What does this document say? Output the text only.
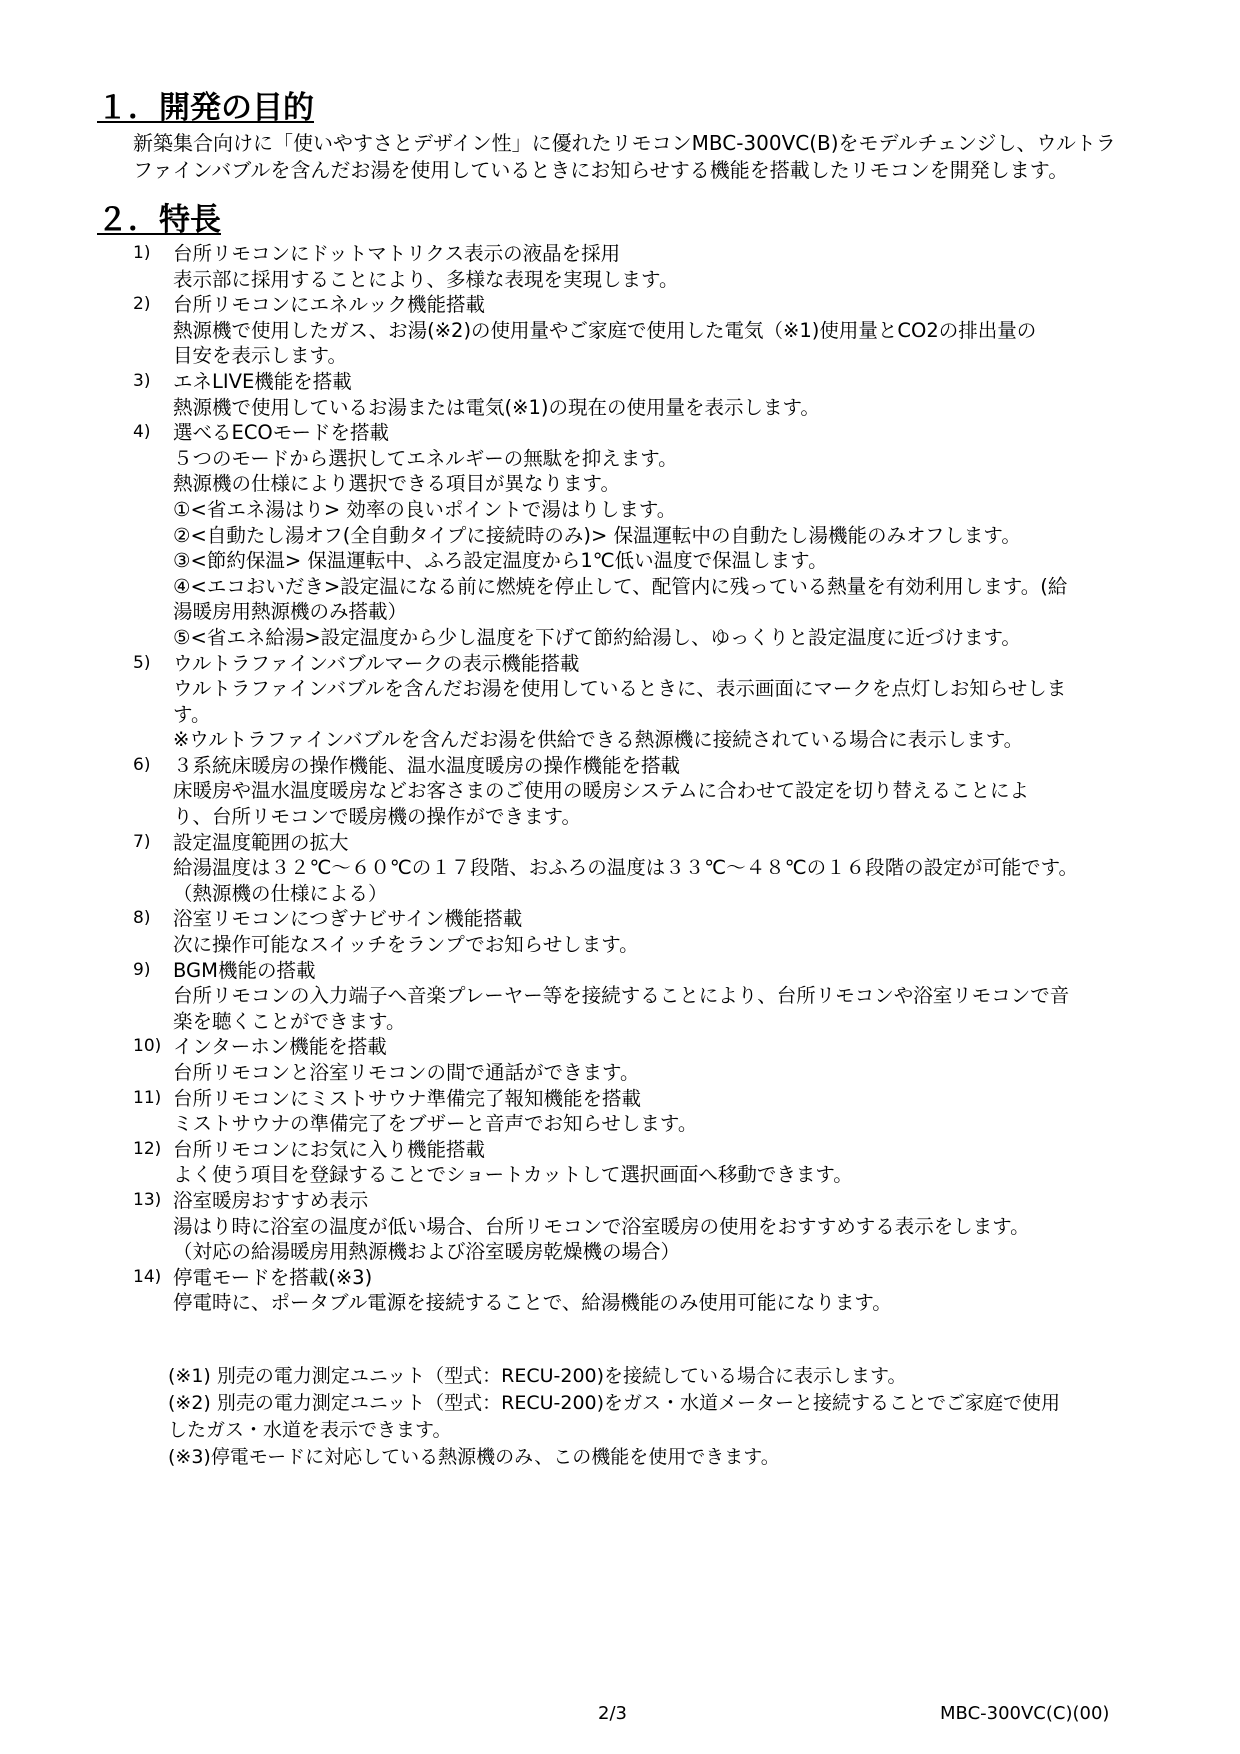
１．開発の目的
新築集合向けに「使いやすさとデザイン性」に優れたリモコンMBC-300VC(B)をモデルチェンジし、ウルトラ
ファインバブルを含んだお湯を使用しているときにお知らせする機能を搭載したリモコンを開発します。
２．特長
1)	台所リモコンにドットマトリクス表示の液晶を採用
表示部に採用することにより、多様な表現を実現します。
2)	台所リモコンにエネルック機能搭載
熱源機で使用したガス、お湯(※2)の使用量やご家庭で使用した電気（※1)使用量とCO2の排出量の
目安を表示します。
3)	エネLIVE機能を搭載
熱源機で使用しているお湯または電気(※1)の現在の使用量を表示します。
4)	選べるECOモードを搭載
５つのモードから選択してエネルギーの無駄を抑えます。
熱源機の仕様により選択できる項目が異なります。
①<省エネ湯はり> 効率の良いポイントで湯はりします。
②<自動たし湯オフ(全自動タイプに接続時のみ)> 保温運転中の自動たし湯機能のみオフします。
③<節約保温> 保温運転中、ふろ設定温度から1℃低い温度で保温します。
④<エコおいだき>設定温になる前に燃焼を停止して、配管内に残っている熱量を有効利用します。(給
湯暖房用熱源機のみ搭載）
⑤<省エネ給湯>設定温度から少し温度を下げて節約給湯し、ゆっくりと設定温度に近づけます。
5)	ウルトラファインバブルマークの表示機能搭載
ウルトラファインバブルを含んだお湯を使用しているときに、表示画面にマークを点灯しお知らせしま
す。
※ウルトラファインバブルを含んだお湯を供給できる熱源機に接続されている場合に表示します。
6)	３系統床暖房の操作機能、温水温度暖房の操作機能を搭載
床暖房や温水温度暖房などお客さまのご使用の暖房システムに合わせて設定を切り替えることによ
り、台所リモコンで暖房機の操作ができます。
7)	設定温度範囲の拡大
給湯温度は３２℃～６０℃の１７段階、おふろの温度は３３℃～４８℃の１６段階の設定が可能です。
（熱源機の仕様による）
8)	浴室リモコンにつぎナビサイン機能搭載
次に操作可能なスイッチをランプでお知らせします。
9)	BGM機能の搭載
台所リモコンの入力端子へ音楽プレーヤー等を接続することにより、台所リモコンや浴室リモコンで音
楽を聴くことができます。
10) インターホン機能を搭載
台所リモコンと浴室リモコンの間で通話ができます。
11) 台所リモコンにミストサウナ準備完了報知機能を搭載
ミストサウナの準備完了をブザーと音声でお知らせします。
12) 台所リモコンにお気に入り機能搭載
よく使う項目を登録することでショートカットして選択画面へ移動できます。
13) 浴室暖房おすすめ表示
湯はり時に浴室の温度が低い場合、台所リモコンで浴室暖房の使用をおすすめする表示をします。
（対応の給湯暖房用熱源機および浴室暖房乾燥機の場合）
14) 停電モードを搭載(※3)
停電時に、ポータブル電源を接続することで、給湯機能のみ使用可能になります。
(※1) 別売の電力測定ユニット（型式：RECU-200)を接続している場合に表示します。
(※2) 別売の電力測定ユニット（型式：RECU-200)をガス・水道メーターと接続することでご家庭で使用
したガス・水道を表示できます。
(※3)停電モードに対応している熱源機のみ、この機能を使用できます。
2/3	MBC-300VC(C)(00)
